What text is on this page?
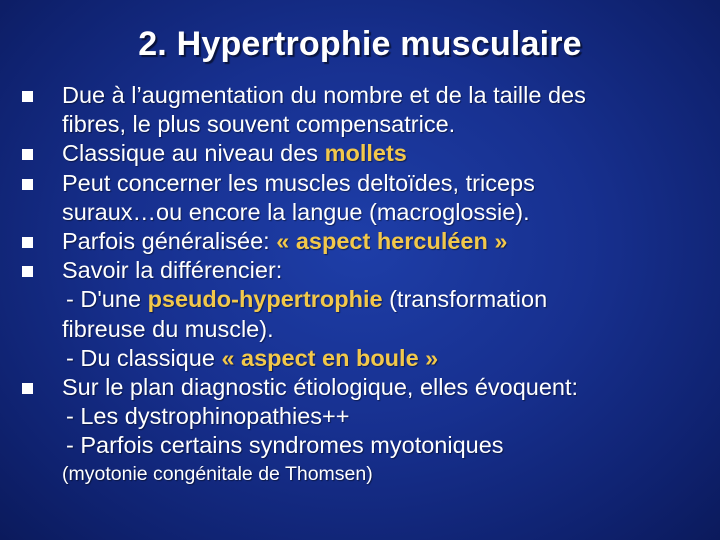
2. Hypertrophie musculaire
Due à l’augmentation du nombre et de la taille des
fibres, le plus souvent compensatrice.
Classique au niveau des mollets
Peut concerner les muscles deltoïdes, triceps
suraux…ou encore la langue (macroglossie).
Parfois généralisée: « aspect herculéen »
Savoir la différencier:
- D'une pseudo-hypertrophie (transformation
fibreuse du muscle).
- Du classique « aspect en boule »
Sur le plan diagnostic étiologique, elles évoquent:
- Les dystrophinopathies++
- Parfois certains syndromes myotoniques
(myotonie congénitale de Thomsen)
